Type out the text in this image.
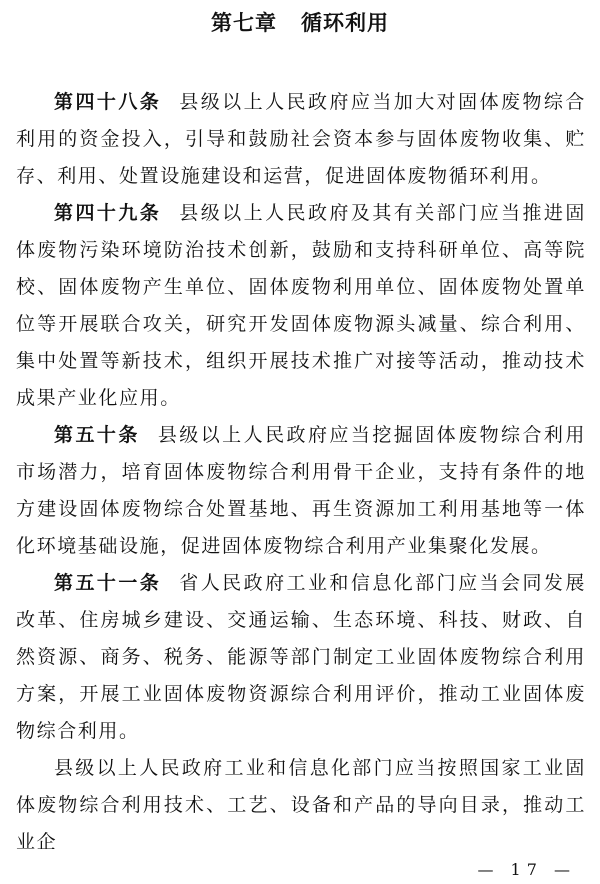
第七章 循环利用

第四十八条 县级以上人民政府应当加大对固体废物综合利用的资金投入，引导和鼓励社会资本参与固体废物收集、贮存、利用、处置设施建设和运营，促进固体废物循环利用。

第四十九条 县级以上人民政府及其有关部门应当推进固体废物污染环境防治技术创新，鼓励和支持科研单位、高等院校、固体废物产生单位、固体废物利用单位、固体废物处置单位等开展联合攻关，研究开发固体废物源头减量、综合利用、集中处置等新技术，组织开展技术推广对接等活动，推动技术成果产业化应用。

第五十条 县级以上人民政府应当挖掘固体废物综合利用市场潜力，培育固体废物综合利用骨干企业，支持有条件的地方建设固体废物综合处置基地、再生资源加工利用基地等一体化环境基础设施，促进固体废物综合利用产业集聚化发展。

第五十一条 省人民政府工业和信息化部门应当会同发展改革、住房城乡建设、交通运输、生态环境、科技、财政、自然资源、商务、税务、能源等部门制定工业固体废物综合利用方案，开展工业固体废物资源综合利用评价，推动工业固体废物综合利用。

县级以上人民政府工业和信息化部门应当按照国家工业固体废物综合利用技术、工艺、设备和产品的导向目录，推动工业企

— 17 —
